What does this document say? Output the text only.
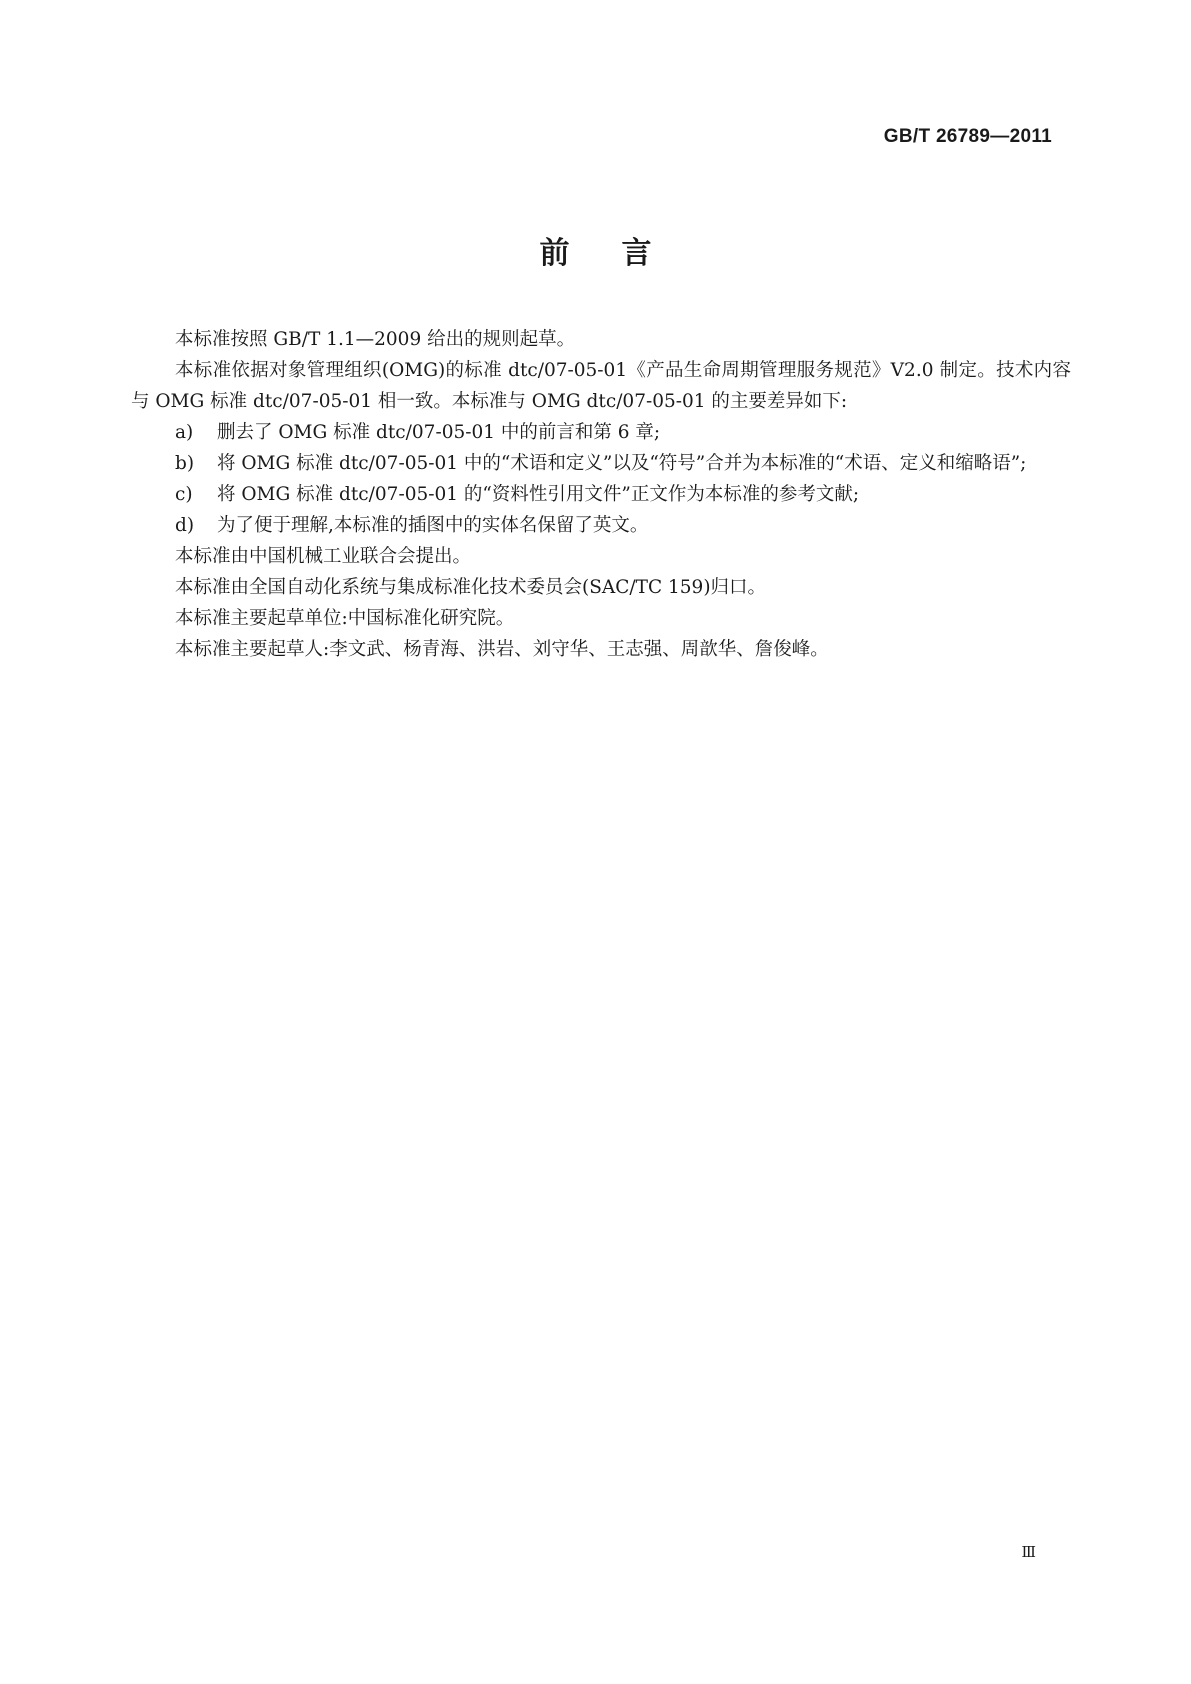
GB/T 26789—2011
前言

本标准按照 GB/T 1.1—2009 给出的规则起草。

本标准依据对象管理组织(OMG)的标准 dtc/07-05-01《产品生命周期管理服务规范》V2.0 制定。技术内容与 OMG 标准 dtc/07-05-01 相一致。本标准与 OMG dtc/07-05-01 的主要差异如下:

a) 删去了 OMG 标准 dtc/07-05-01 中的前言和第 6 章;
b) 将 OMG 标准 dtc/07-05-01 中的“术语和定义”以及“符号”合并为本标准的“术语、定义和缩略语”;
c) 将 OMG 标准 dtc/07-05-01 的“资料性引用文件”正文作为本标准的参考文献;
d) 为了便于理解,本标准的插图中的实体名保留了英文。

本标准由中国机械工业联合会提出。

本标准由全国自动化系统与集成标准化技术委员会(SAC/TC 159)归口。

本标准主要起草单位:中国标准化研究院。

本标准主要起草人:李文武、杨青海、洪岩、刘守华、王志强、周歆华、詹俊峰。

Ⅲ
